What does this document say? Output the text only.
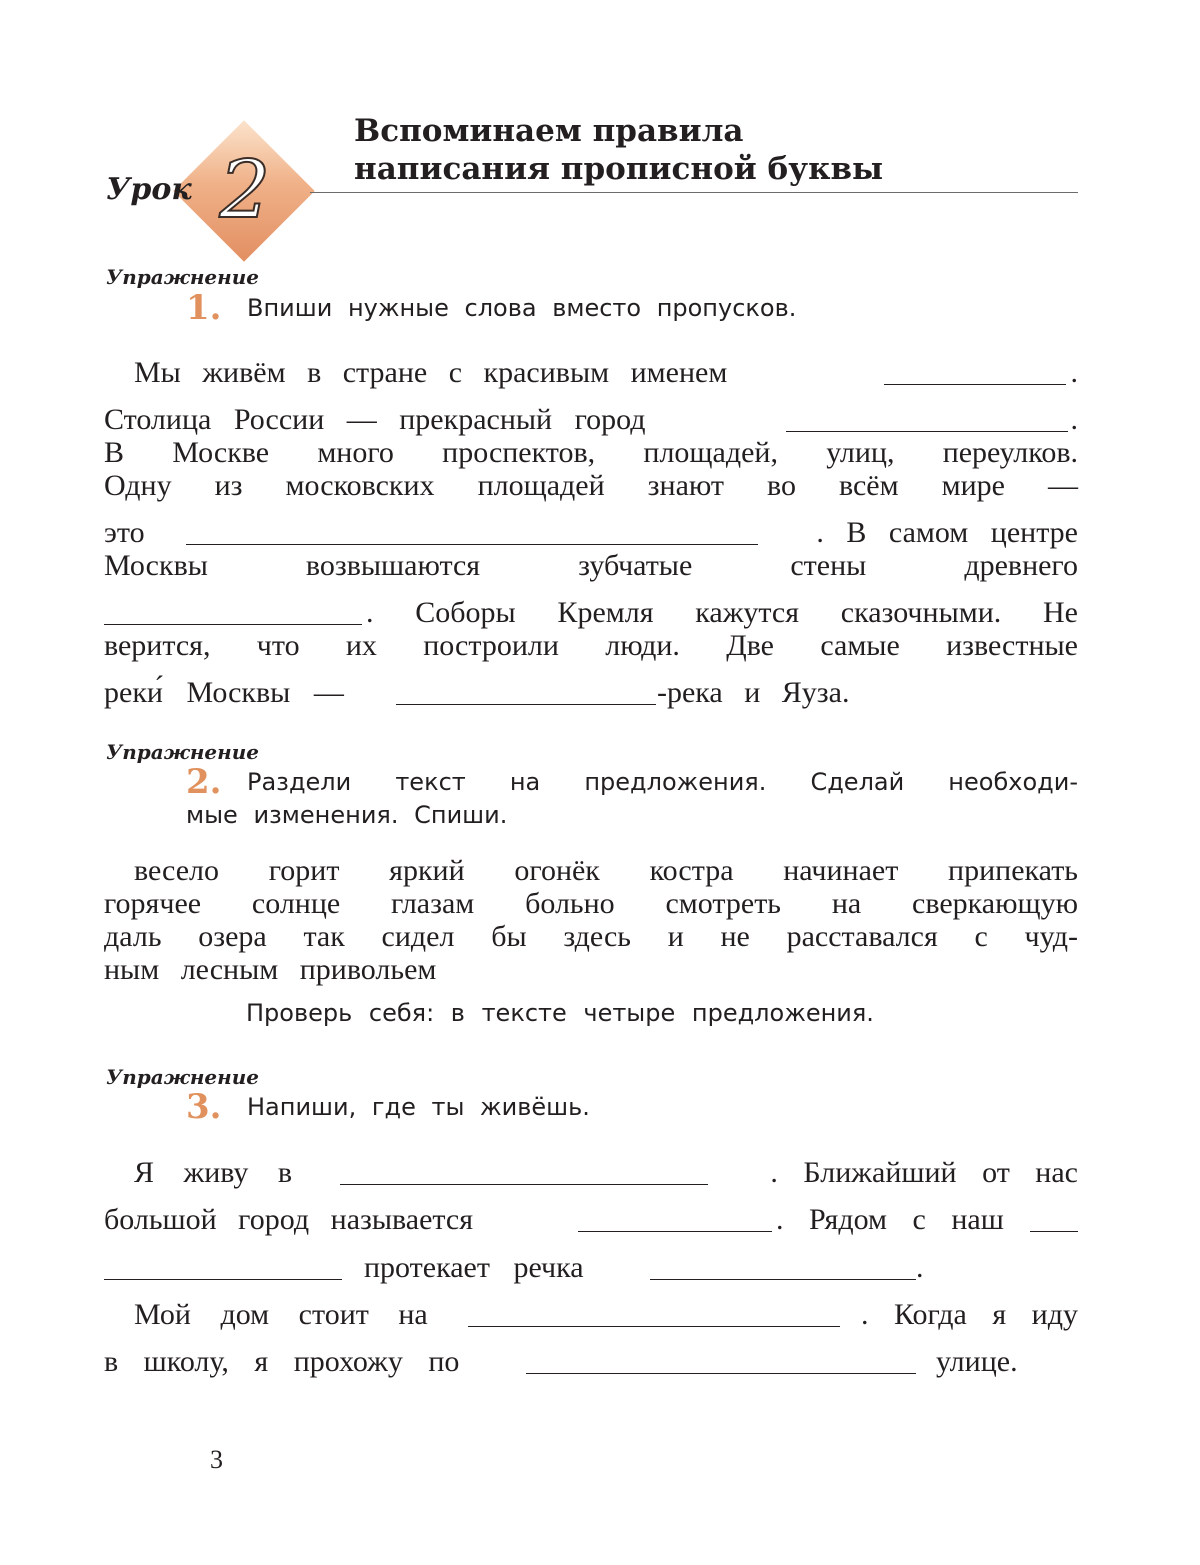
2
Урок
Вспоминаем правила
написания прописной буквы
Упражнение
1. Впиши нужные слова вместо пропусков.
Мы живём в стране с красивым именем	.
Столица России — прекрасный город	.
В Москве много проспектов, площадей, улиц, переулков.
Одну из московских площадей знают во всём мире —
это	. В самом центре
Москвы возвышаются зубчатые стены древнего
. Соборы Кремля кажутся сказочными. Не
верится, что их построили люди. Две самые известные
реки́ Москвы —	-река и Яуза.
Упражнение
2. Раздели текст на предложения. Сделай необходи-
мые изменения. Спиши.
весело горит яркий огонёк костра начинает припекать
горячее солнце глазам больно смотреть на сверкающую
даль озера так сидел бы здесь и не расставался с чуд-
ным лесным привольем
Проверь себя: в тексте четыре предложения.
Упражнение
3. Напиши, где ты живёшь.
Я живу в	. Ближайший от нас
большой город называется	. Рядом с наш
протекает речка	.
Мой дом стоит на	. Когда я иду
в школу, я прохожу по	улице.
3
